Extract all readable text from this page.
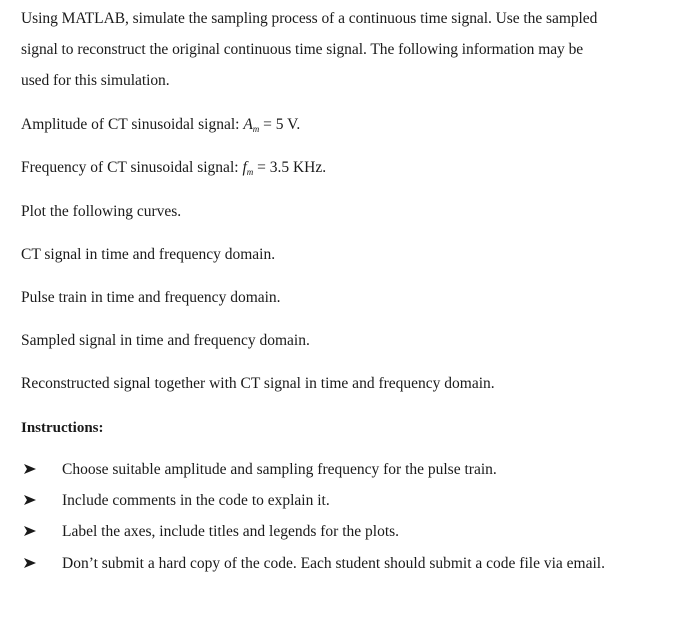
Using MATLAB, simulate the sampling process of a continuous time signal. Use the sampled
signal to reconstruct the original continuous time signal. The following information may be
used for this simulation.
Amplitude of CT sinusoidal signal: $A_m = 5$ V.
Frequency of CT sinusoidal signal: $f_m = 3.5$ KHz.
Plot the following curves.
CT signal in time and frequency domain.
Pulse train in time and frequency domain.
Sampled signal in time and frequency domain.
Reconstructed signal together with CT signal in time and frequency domain.
Instructions:
Choose suitable amplitude and sampling frequency for the pulse train.
Include comments in the code to explain it.
Label the axes, include titles and legends for the plots.
Don’t submit a hard copy of the code. Each student should submit a code file via email.
